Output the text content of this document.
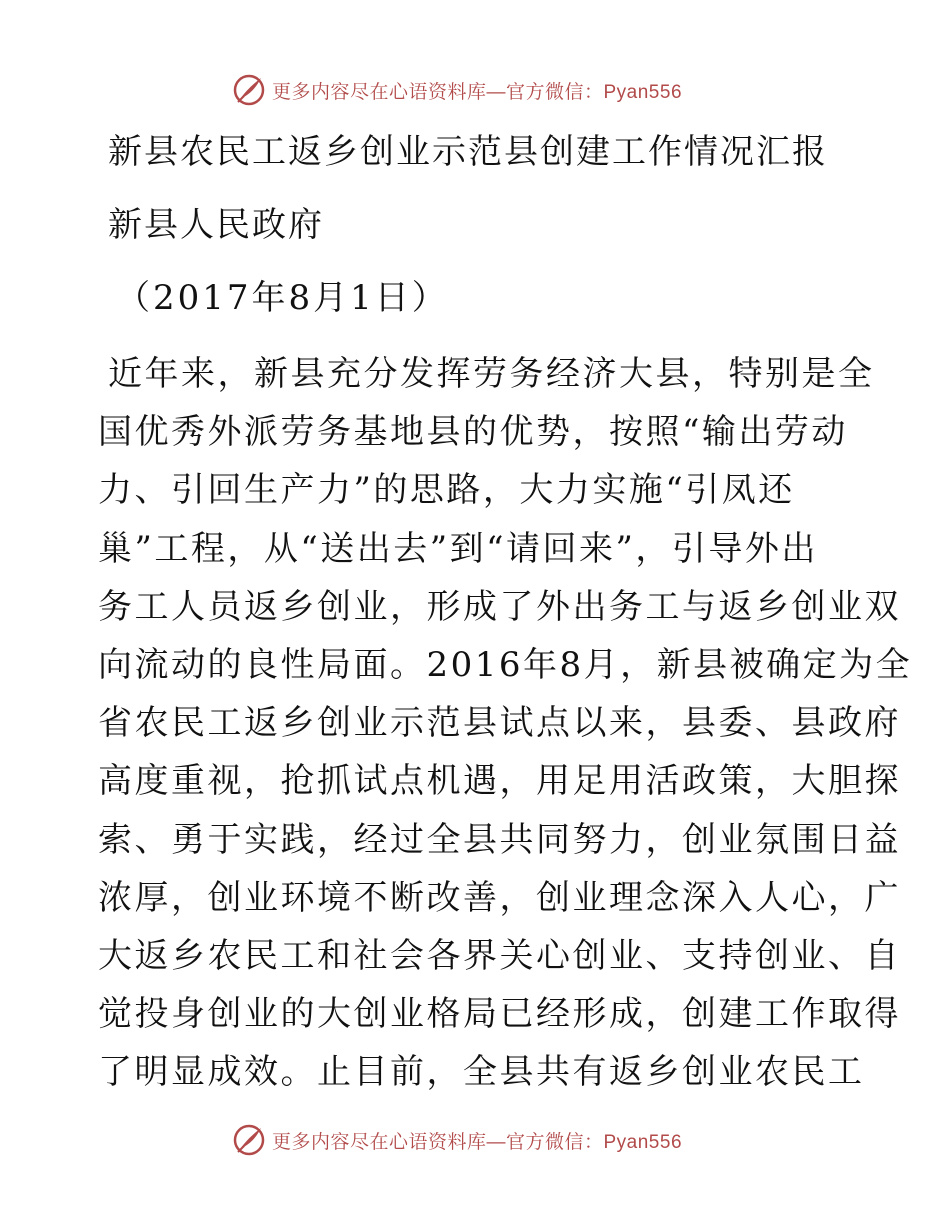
更多内容尽在心语资料库—官方微信：Pyan556
新县农民工返乡创业示范县创建工作情况汇报
新县人民政府
（2017年8月1日）
近年来，新县充分发挥劳务经济大县，特别是全
国优秀外派劳务基地县的优势，按照“输出劳动
力、引回生产力”的思路，大力实施“引凤还
巢”工程，从“送出去”到“请回来”，引导外出
务工人员返乡创业，形成了外出务工与返乡创业双
向流动的良性局面。2016年8月，新县被确定为全
省农民工返乡创业示范县试点以来，县委、县政府
高度重视，抢抓试点机遇，用足用活政策，大胆探
索、勇于实践，经过全县共同努力，创业氛围日益
浓厚，创业环境不断改善，创业理念深入人心，广
大返乡农民工和社会各界关心创业、支持创业、自
觉投身创业的大创业格局已经形成，创建工作取得
了明显成效。止目前，全县共有返乡创业农民工
更多内容尽在心语资料库—官方微信：Pyan556
